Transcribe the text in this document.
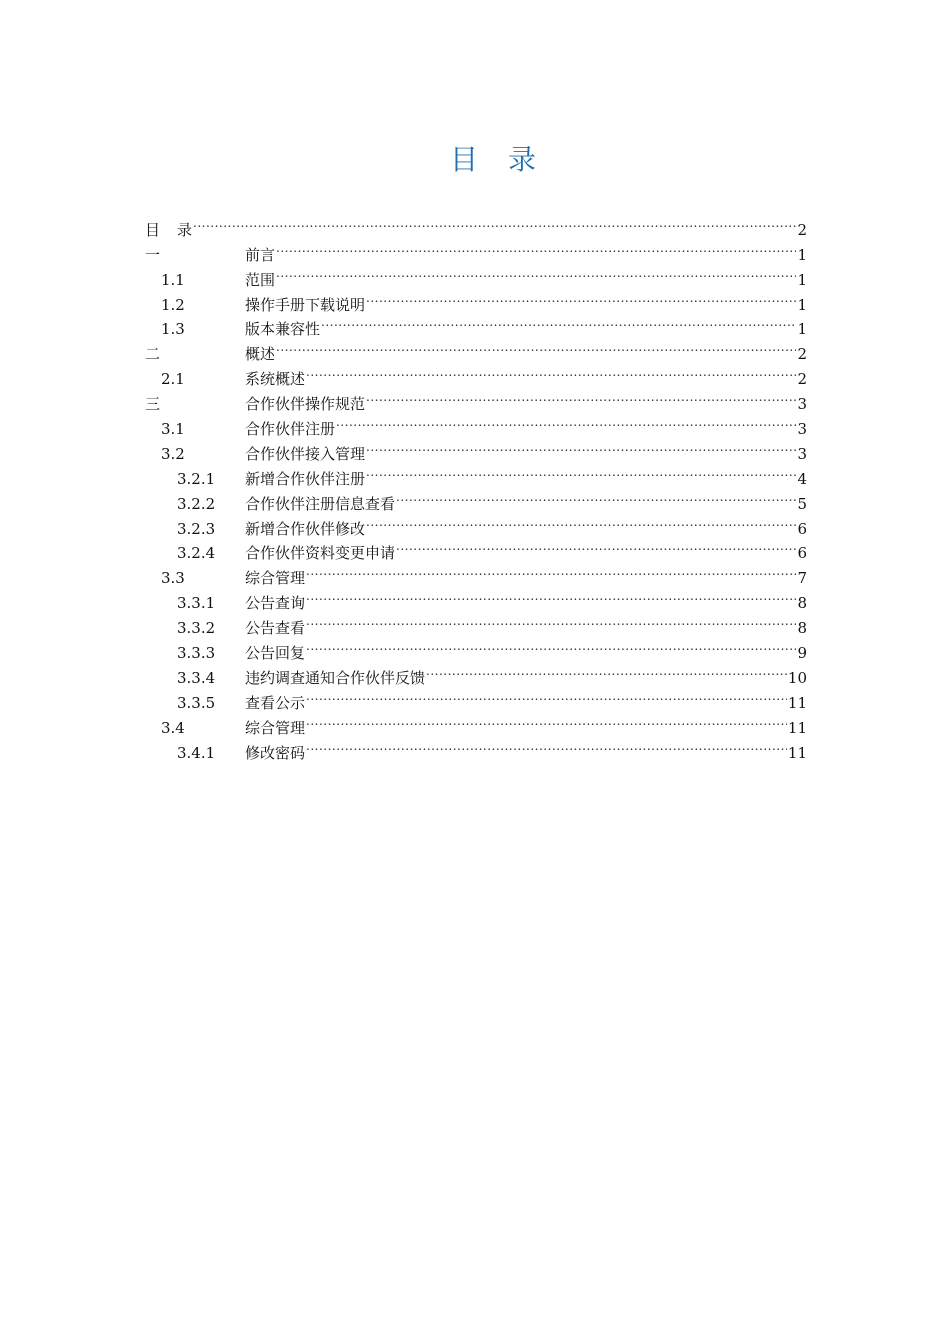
目 录
目 录 .....	2
一	前言 .....	1
1.1	范围 .....	1
1.2	操作手册下载说明 .....	1
1.3	版本兼容性 .....	1
二	概述 .....	2
2.1	系统概述 .....	2
三	合作伙伴操作规范 .....	3
3.1	合作伙伴注册 .....	3
3.2	合作伙伴接入管理 .....	3
3.2.1	新增合作伙伴注册 .....	4
3.2.2	合作伙伴注册信息查看 .....	5
3.2.3	新增合作伙伴修改 .....	6
3.2.4	合作伙伴资料变更申请 .....	6
3.3	综合管理 .....	7
3.3.1	公告查询 .....	8
3.3.2	公告查看 .....	8
3.3.3	公告回复 .....	9
3.3.4	违约调查通知合作伙伴反馈 .....	10
3.3.5	查看公示 .....	11
3.4	综合管理 .....	11
3.4.1	修改密码 .....	11
